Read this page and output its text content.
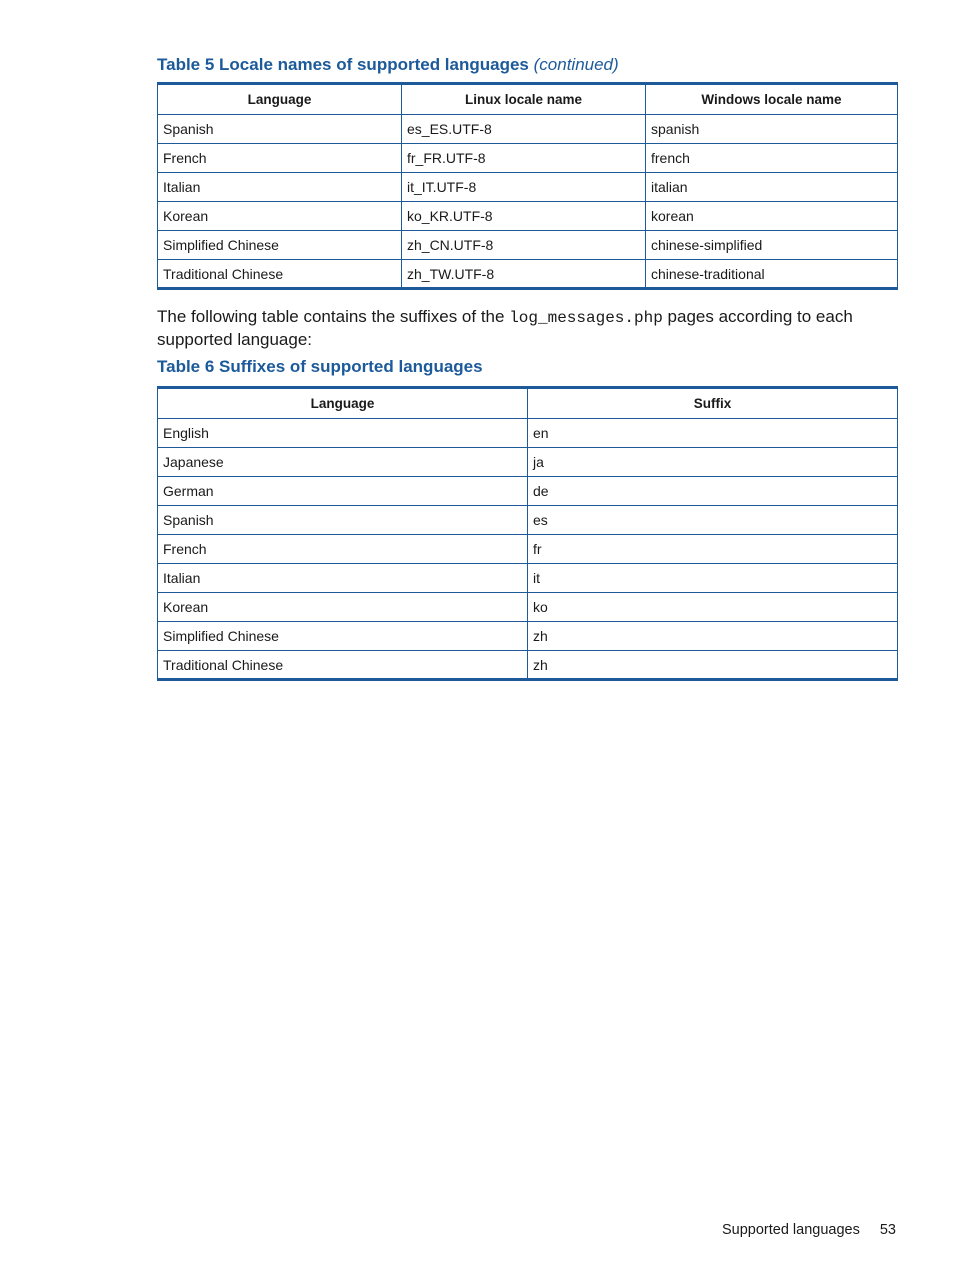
Table 5 Locale names of supported languages (continued)
Language	Linux locale name	Windows locale name
Spanish	es_ES.UTF-8	spanish
French	fr_FR.UTF-8	french
Italian	it_IT.UTF-8	italian
Korean	ko_KR.UTF-8	korean
Simplified Chinese	zh_CN.UTF-8	chinese-simplified
Traditional Chinese	zh_TW.UTF-8	chinese-traditional
The following table contains the suffixes of the log_messages.php pages according to each supported language:
Table 6 Suffixes of supported languages
Language	Suffix
English	en
Japanese	ja
German	de
Spanish	es
French	fr
Italian	it
Korean	ko
Simplified Chinese	zh
Traditional Chinese	zh
Supported languages 53
